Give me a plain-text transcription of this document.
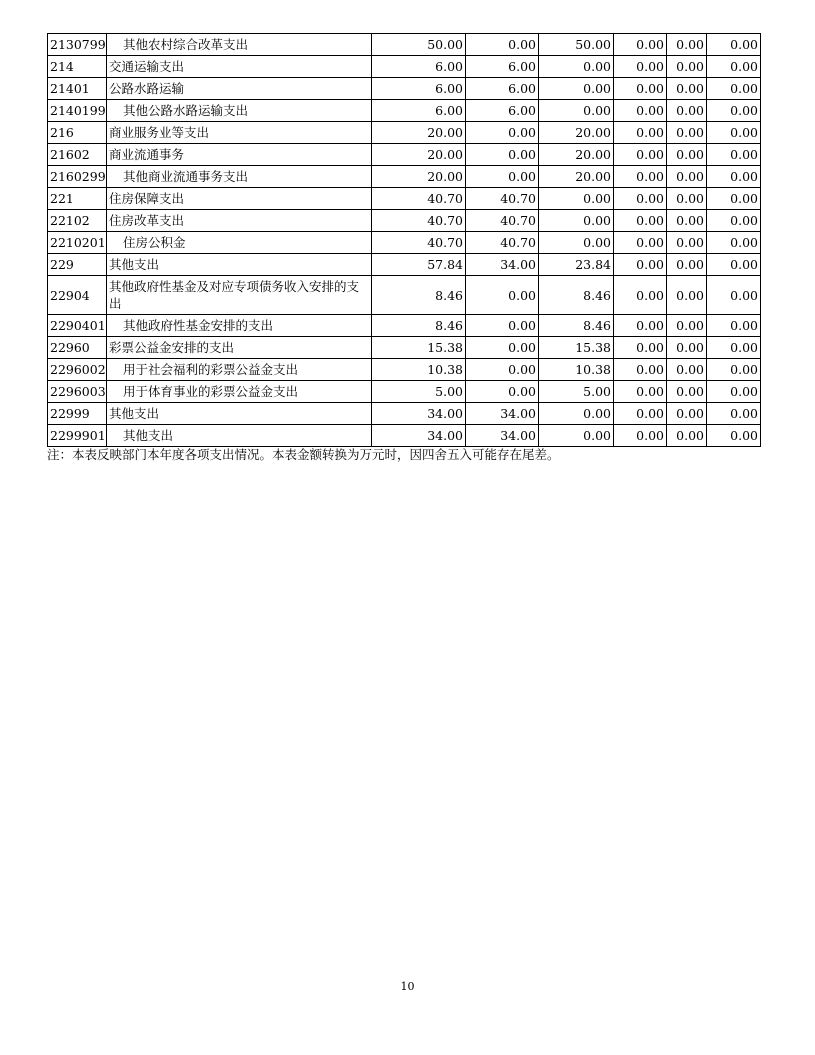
2130799	其他农村综合改革支出	50.00	0.00	50.00	0.00	0.00	0.00
214	交通运输支出	6.00	6.00	0.00	0.00	0.00	0.00
21401	公路水路运输	6.00	6.00	0.00	0.00	0.00	0.00
2140199	其他公路水路运输支出	6.00	6.00	0.00	0.00	0.00	0.00
216	商业服务业等支出	20.00	0.00	20.00	0.00	0.00	0.00
21602	商业流通事务	20.00	0.00	20.00	0.00	0.00	0.00
2160299	其他商业流通事务支出	20.00	0.00	20.00	0.00	0.00	0.00
221	住房保障支出	40.70	40.70	0.00	0.00	0.00	0.00
22102	住房改革支出	40.70	40.70	0.00	0.00	0.00	0.00
2210201	住房公积金	40.70	40.70	0.00	0.00	0.00	0.00
229	其他支出	57.84	34.00	23.84	0.00	0.00	0.00
22904	其他政府性基金及对应专项债务收入安排的支出	8.46	0.00	8.46	0.00	0.00	0.00
2290401	其他政府性基金安排的支出	8.46	0.00	8.46	0.00	0.00	0.00
22960	彩票公益金安排的支出	15.38	0.00	15.38	0.00	0.00	0.00
2296002	用于社会福利的彩票公益金支出	10.38	0.00	10.38	0.00	0.00	0.00
2296003	用于体育事业的彩票公益金支出	5.00	0.00	5.00	0.00	0.00	0.00
22999	其他支出	34.00	34.00	0.00	0.00	0.00	0.00
2299901	其他支出	34.00	34.00	0.00	0.00	0.00	0.00
注：本表反映部门本年度各项支出情况。本表金额转换为万元时，因四舍五入可能存在尾差。
10
